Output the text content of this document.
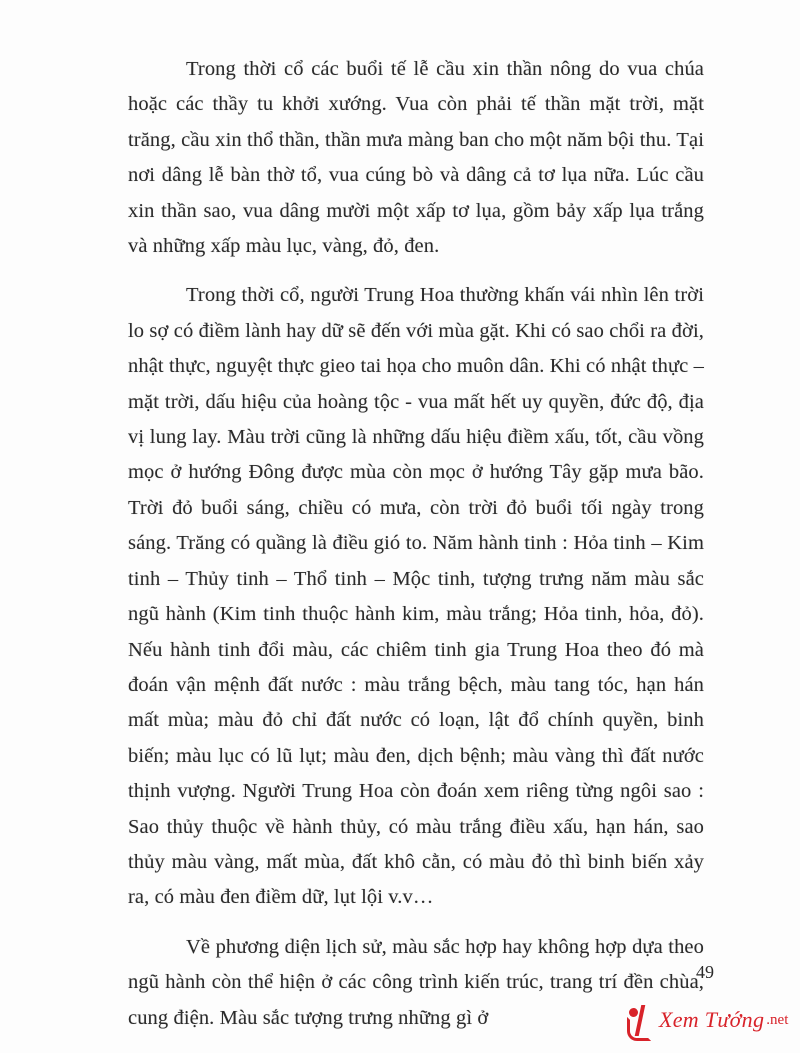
Trong thời cổ các buổi tế lễ cầu xin thần nông do vua chúa hoặc các thầy tu khởi xướng. Vua còn phải tế thần mặt trời, mặt trăng, cầu xin thổ thần, thần mưa màng ban cho một năm bội thu. Tại nơi dâng lễ bàn thờ tổ, vua cúng bò và dâng cả tơ lụa nữa. Lúc cầu xin thần sao, vua dâng mười một xấp tơ lụa, gồm bảy xấp lụa trắng và những xấp màu lục, vàng, đỏ, đen.

Trong thời cổ, người Trung Hoa thường khấn vái nhìn lên trời lo sợ có điềm lành hay dữ sẽ đến với mùa gặt. Khi có sao chổi ra đời, nhật thực, nguyệt thực gieo tai họa cho muôn dân. Khi có nhật thực – mặt trời, dấu hiệu của hoàng tộc - vua mất hết uy quyền, đức độ, địa vị lung lay. Màu trời cũng là những dấu hiệu điềm xấu, tốt, cầu vồng mọc ở hướng Đông được mùa còn mọc ở hướng Tây gặp mưa bão. Trời đỏ buổi sáng, chiều có mưa, còn trời đỏ buổi tối ngày trong sáng. Trăng có quầng là điều gió to. Năm hành tinh : Hỏa tinh – Kim tinh – Thủy tinh – Thổ tinh – Mộc tinh, tượng trưng năm màu sắc ngũ hành (Kim tinh thuộc hành kim, màu trắng; Hỏa tinh, hỏa, đỏ). Nếu hành tinh đổi màu, các chiêm tinh gia Trung Hoa theo đó mà đoán vận mệnh đất nước : màu trắng bệch, màu tang tóc, hạn hán mất mùa; màu đỏ chỉ đất nước có loạn, lật đổ chính quyền, binh biến; màu lục có lũ lụt; màu đen, dịch bệnh; màu vàng thì đất nước thịnh vượng. Người Trung Hoa còn đoán xem riêng từng ngôi sao : Sao thủy thuộc về hành thủy, có màu trắng điều xấu, hạn hán, sao thủy màu vàng, mất mùa, đất khô cằn, có màu đỏ thì binh biến xảy ra, có màu đen điềm dữ, lụt lội v.v…

Về phương diện lịch sử, màu sắc hợp hay không hợp dựa theo ngũ hành còn thể hiện ở các công trình kiến trúc, trang trí đền chùa, cung điện. Màu sắc tượng trưng những gì ở

49
Xem Tướng .net
